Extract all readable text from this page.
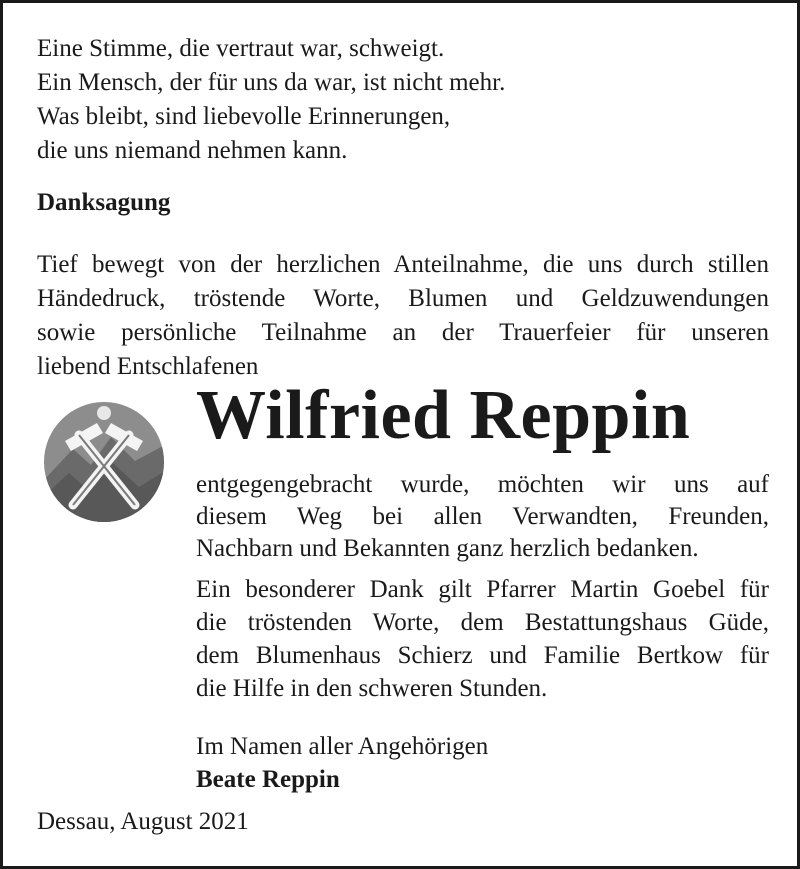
Eine Stimme, die vertraut war, schweigt.
Ein Mensch, der für uns da war, ist nicht mehr.
Was bleibt, sind liebevolle Erinnerungen,
die uns niemand nehmen kann.
Danksagung
Tief bewegt von der herzlichen Anteilnahme, die uns durch stillen
Händedruck, tröstende Worte, Blumen und Geldzuwendungen
sowie persönliche Teilnahme an der Trauerfeier für unseren
liebend Entschlafenen
Wilfried Reppin
entgegengebracht wurde, möchten wir uns auf
diesem Weg bei allen Verwandten, Freunden,
Nachbarn und Bekannten ganz herzlich bedanken.
Ein besonderer Dank gilt Pfarrer Martin Goebel für
die tröstenden Worte, dem Bestattungshaus Güde,
dem Blumenhaus Schierz und Familie Bertkow für
die Hilfe in den schweren Stunden.
Im Namen aller Angehörigen
Beate Reppin
Dessau, August 2021
